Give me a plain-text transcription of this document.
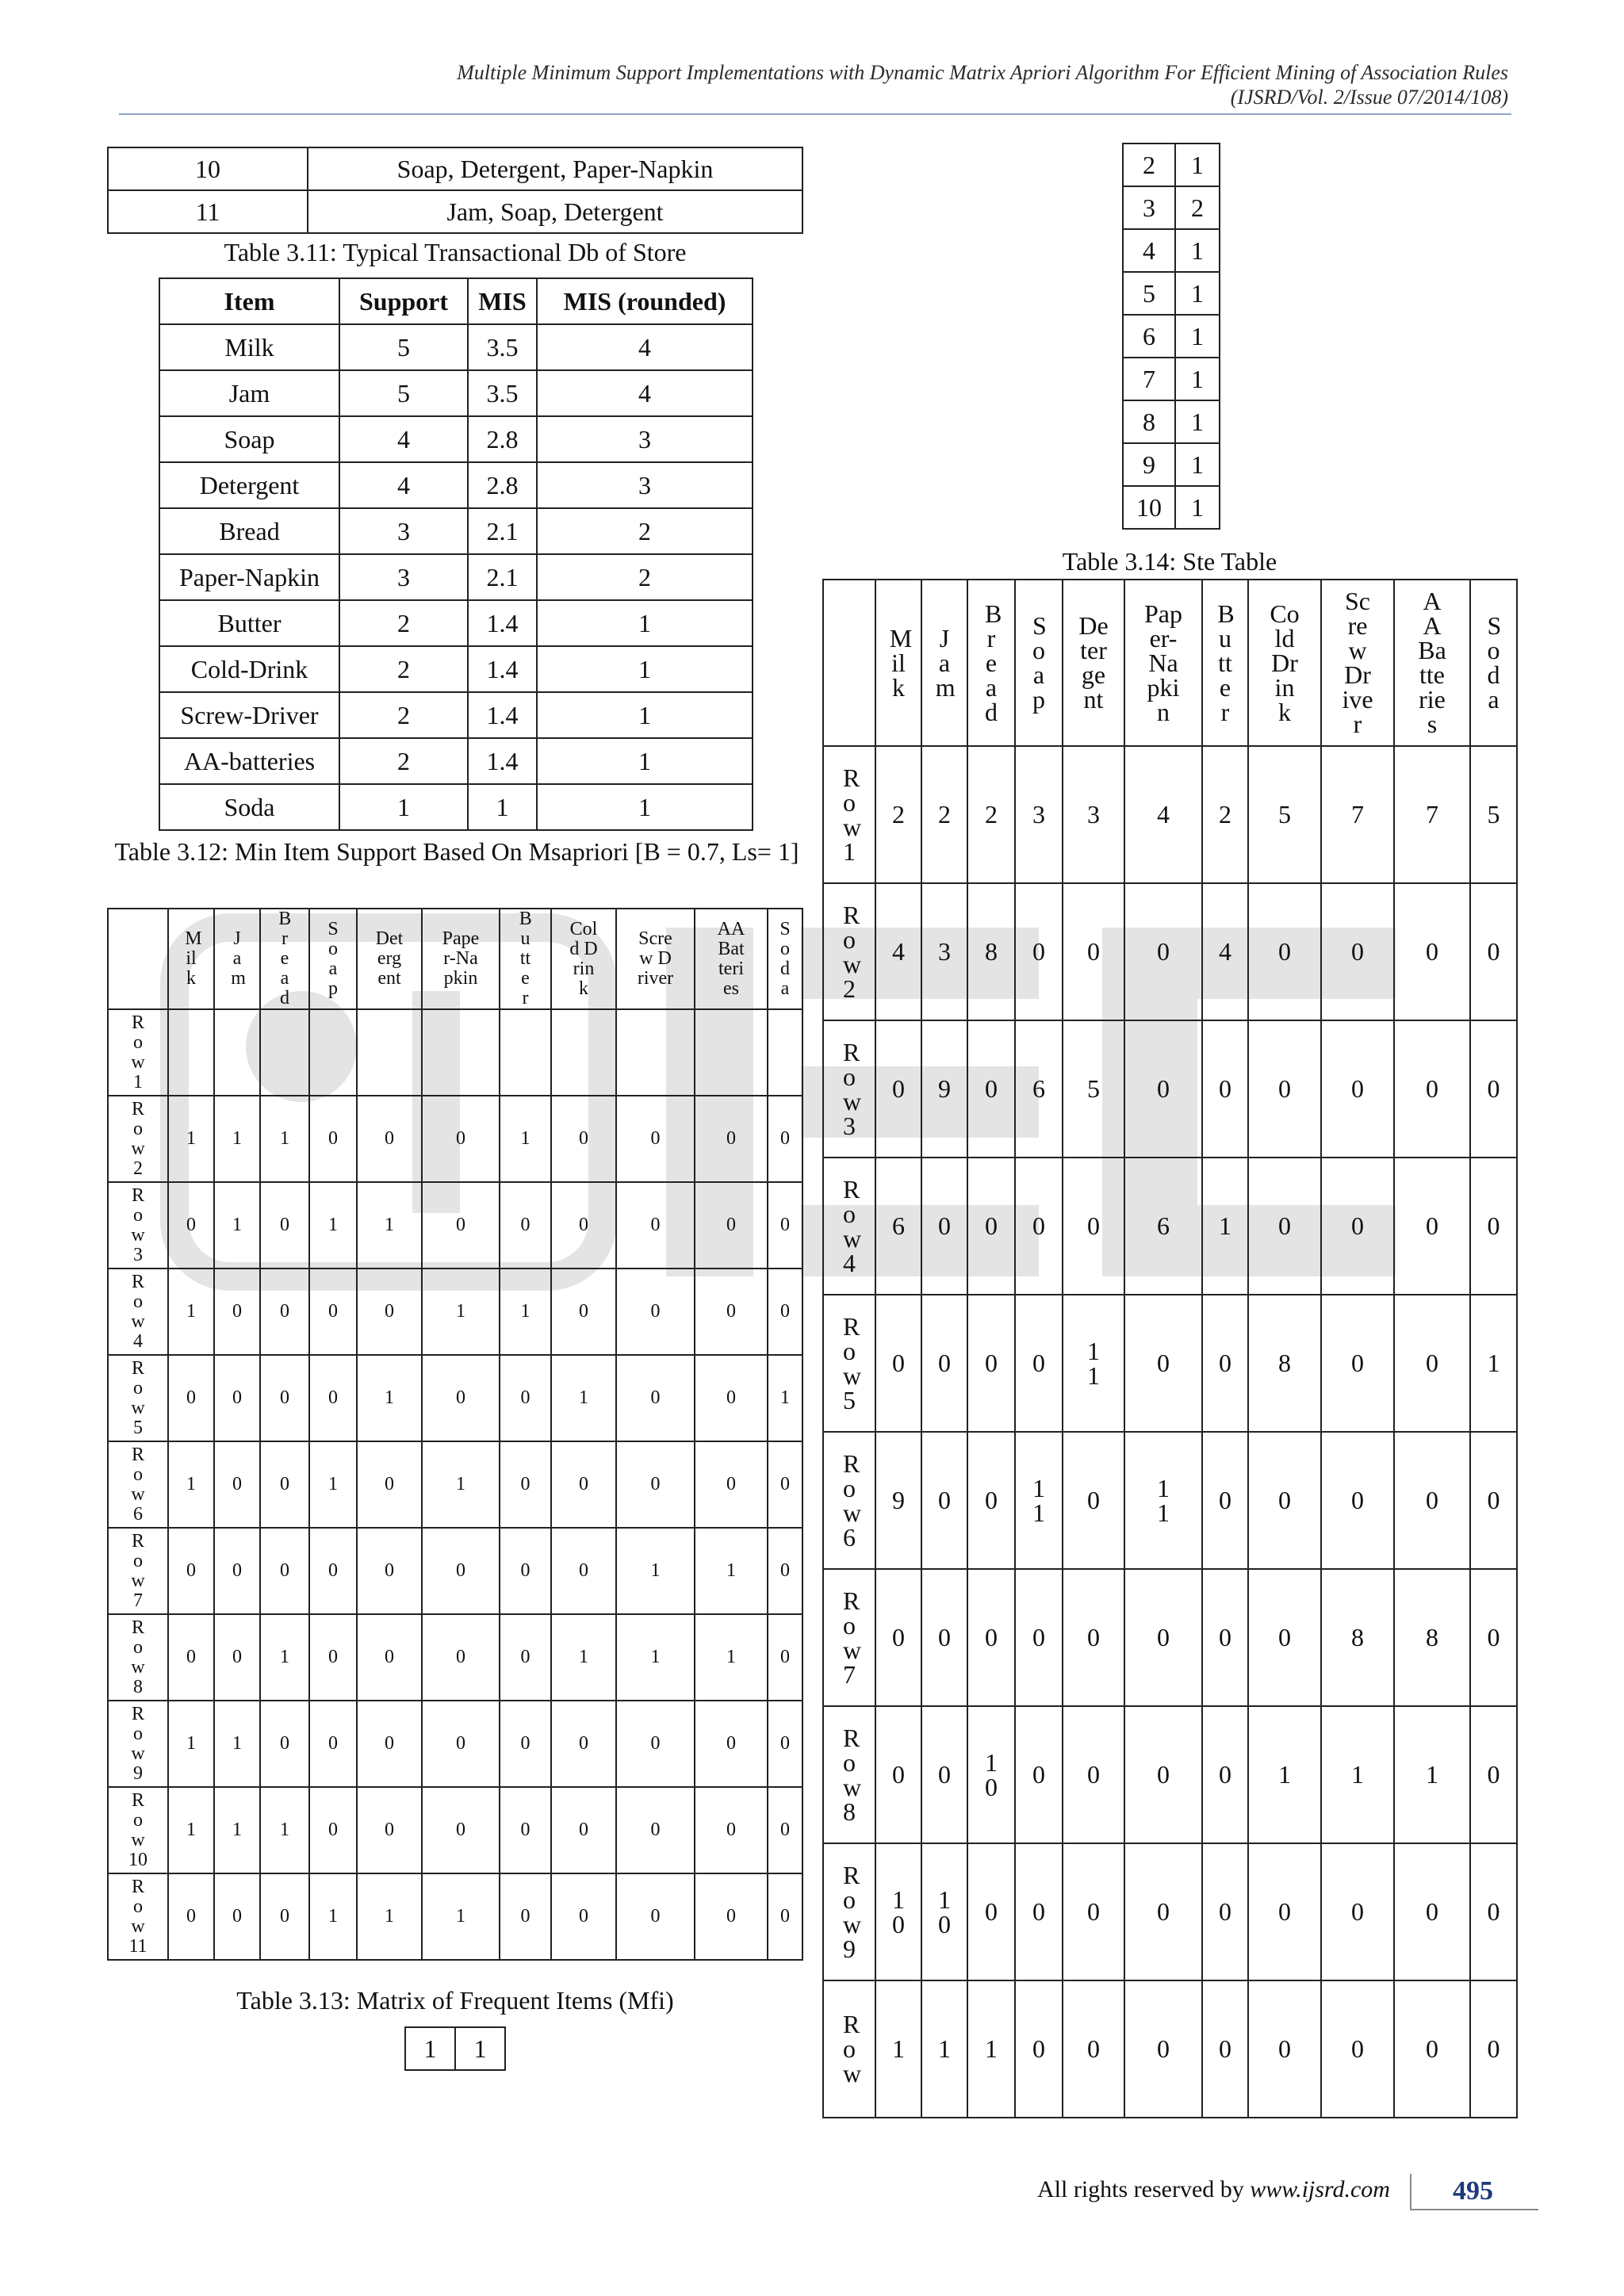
Multiple Minimum Support Implementations with Dynamic Matrix Apriori Algorithm For Efficient Mining of Association Rules
(IJSRD/Vol. 2/Issue 07/2014/108)
10	Soap, Detergent, Paper-Napkin
11	Jam, Soap, Detergent
Table 3.11: Typical Transactional Db of Store
Item	Support	MIS	MIS (rounded)
Milk	5	3.5	4
Jam	5	3.5	4
Soap	4	2.8	3
Detergent	4	2.8	3
Bread	3	2.1	2
Paper-Napkin	3	2.1	2
Butter	2	1.4	1
Cold-Drink	2	1.4	1
Screw-Driver	2	1.4	1
AA-batteries	2	1.4	1
Soda	1	1	1
Table 3.12: Min Item Support Based On Msapriori [B = 0.7, Ls= 1]
	Milk	Jam	Bread	Soap	Detergent	Paper-Napkin	Butter	Cold Drink	Screw Driver	AA Batteries	Soda
Row 1											
Row 2	1	1	1	0	0	0	1	0	0	0	0
Row 3	0	1	0	1	1	0	0	0	0	0	0
Row 4	1	0	0	0	0	1	1	0	0	0	0
Row 5	0	0	0	0	1	0	0	1	0	0	1
Row 6	1	0	0	1	0	1	0	0	0	0	0
Row 7	0	0	0	0	0	0	0	0	1	1	0
Row 8	0	0	1	0	0	0	0	1	1	1	0
Row 9	1	1	0	0	0	0	0	0	0	0	0
Row 10	1	1	1	0	0	0	0	0	0	0	0
Row 11	0	0	0	1	1	1	0	0	0	0	0
Table 3.13: Matrix of Frequent Items (Mfi)
1	1
2	1
3	2
4	1
5	1
6	1
7	1
8	1
9	1
10	1
Table 3.14: Ste Table
	Milk	Jam	Bread	Soap	Deter gent	Paper-Napkin	Butter	Cold Drink	Screw Driver	AA Batteries	Soda
Row 1	2	2	2	3	3	4	2	5	7	7	5
Row 2	4	3	8	0	0	0	4	0	0	0	0
Row 3	0	9	0	6	5	0	0	0	0	0	0
Row 4	6	0	0	0	0	6	1	0	0	0	0
Row 5	0	0	0	0	11	0	0	8	0	0	1
Row 6	9	0	0	11	0	11	0	0	0	0	0
Row 7	0	0	0	0	0	0	0	0	8	8	0
Row 8	0	0	10	0	0	0	0	1	1	1	0
Row 9	10	10	0	0	0	0	0	0	0	0	0
Row	1	1	1	0	0	0	0	0	0	0	0
All rights reserved by www.ijsrd.com 495
